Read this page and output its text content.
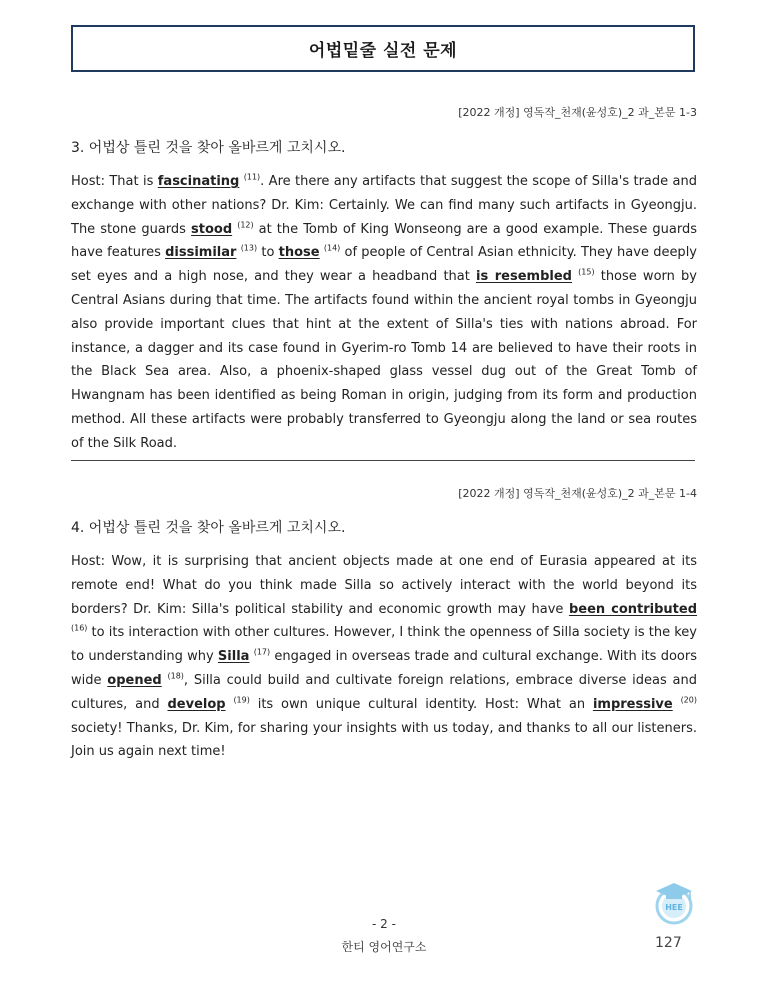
어법밑줄 실전 문제
[2022 개정] 영독작_천재(윤성호)_2 과_본문 1-3
3. 어법상 틀린 것을 찾아 올바르게 고치시오.
Host: That is fascinating $^{(11)}$. Are there any artifacts that suggest the scope of Silla's trade and exchange with other nations? Dr. Kim: Certainly. We can find many such artifacts in Gyeongju. The stone guards stood $^{(12)}$ at the Tomb of King Wonseong are a good example. These guards have features dissimilar $^{(13)}$ to those $^{(14)}$ of people of Central Asian ethnicity. They have deeply set eyes and a high nose, and they wear a headband that is resembled $^{(15)}$ those worn by Central Asians during that time. The artifacts found within the ancient royal tombs in Gyeongju also provide important clues that hint at the extent of Silla's ties with nations abroad. For instance, a dagger and its case found in Gyerim-ro Tomb 14 are believed to have their roots in the Black Sea area. Also, a phoenix-shaped glass vessel dug out of the Great Tomb of Hwangnam has been identified as being Roman in origin, judging from its form and production method. All these artifacts were probably transferred to Gyeongju along the land or sea routes of the Silk Road.
[2022 개정] 영독작_천재(윤성호)_2 과_본문 1-4
4. 어법상 틀린 것을 찾아 올바르게 고치시오.
Host: Wow, it is surprising that ancient objects made at one end of Eurasia appeared at its remote end! What do you think made Silla so actively interact with the world beyond its borders? Dr. Kim: Silla's political stability and economic growth may have been contributed $^{(16)}$ to its interaction with other cultures. However, I think the openness of Silla society is the key to understanding why Silla $^{(17)}$ engaged in overseas trade and cultural exchange. With its doors wide opened $^{(18)}$, Silla could build and cultivate foreign relations, embrace diverse ideas and cultures, and develop $^{(19)}$ its own unique cultural identity. Host: What an impressive $^{(20)}$ society! Thanks, Dr. Kim, for sharing your insights with us today, and thanks to all our listeners. Join us again next time!
- 2 -
한티 영어연구소	127
HEE
